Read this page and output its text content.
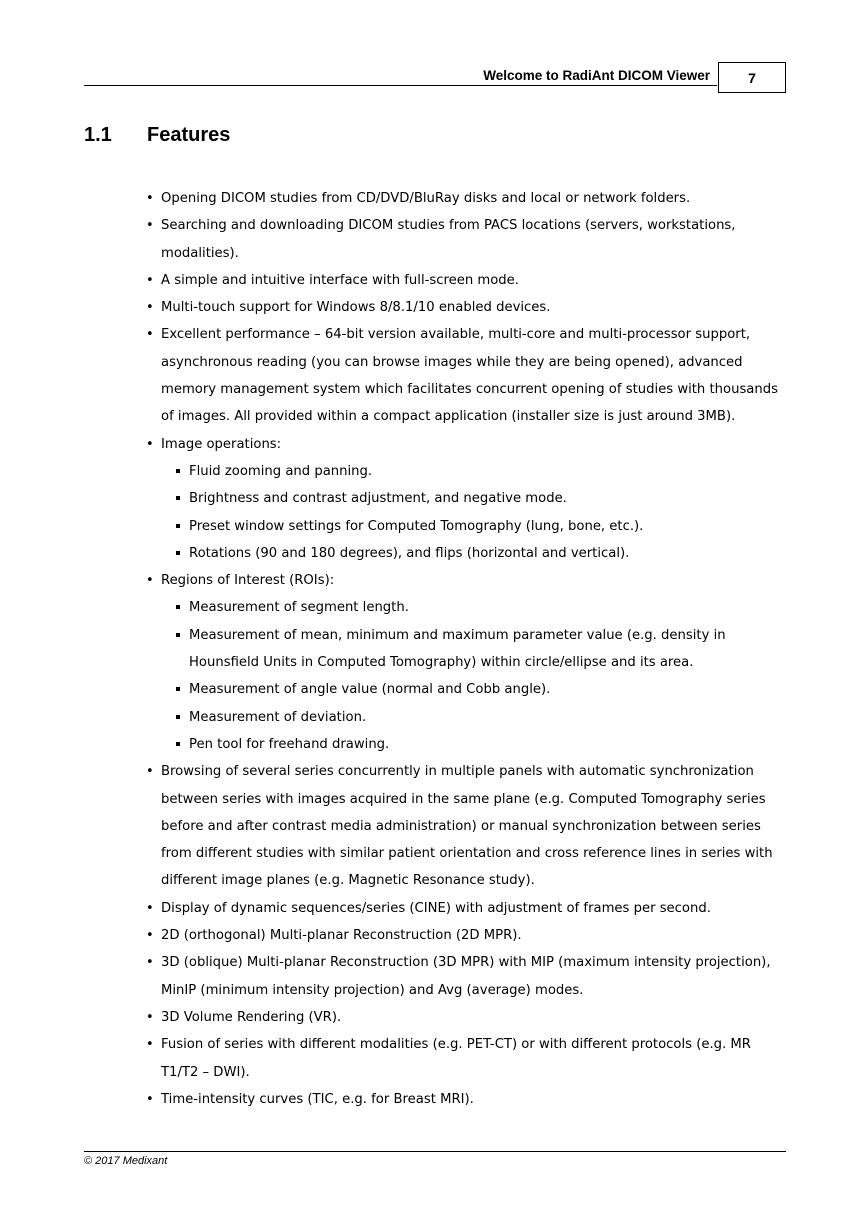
Welcome to RadiAnt DICOM Viewer	7
1.1 Features
• Opening DICOM studies from CD/DVD/BluRay disks and local or network folders.
• Searching and downloading DICOM studies from PACS locations (servers, workstations, modalities).
• A simple and intuitive interface with full-screen mode.
• Multi-touch support for Windows 8/8.1/10 enabled devices.
• Excellent performance – 64-bit version available, multi-core and multi-processor support, asynchronous reading (you can browse images while they are being opened), advanced memory management system which facilitates concurrent opening of studies with thousands of images. All provided within a compact application (installer size is just around 3MB).
• Image operations:
Fluid zooming and panning.
Brightness and contrast adjustment, and negative mode.
Preset window settings for Computed Tomography (lung, bone, etc.).
Rotations (90 and 180 degrees), and flips (horizontal and vertical).
• Regions of Interest (ROIs):
Measurement of segment length.
Measurement of mean, minimum and maximum parameter value (e.g. density in Hounsfield Units in Computed Tomography) within circle/ellipse and its area.
Measurement of angle value (normal and Cobb angle).
Measurement of deviation.
Pen tool for freehand drawing.
• Browsing of several series concurrently in multiple panels with automatic synchronization between series with images acquired in the same plane (e.g. Computed Tomography series before and after contrast media administration) or manual synchronization between series from different studies with similar patient orientation and cross reference lines in series with different image planes (e.g. Magnetic Resonance study).
• Display of dynamic sequences/series (CINE) with adjustment of frames per second.
• 2D (orthogonal) Multi-planar Reconstruction (2D MPR).
• 3D (oblique) Multi-planar Reconstruction (3D MPR) with MIP (maximum intensity projection), MinIP (minimum intensity projection) and Avg (average) modes.
• 3D Volume Rendering (VR).
• Fusion of series with different modalities (e.g. PET-CT) or with different protocols (e.g. MR T1/T2 – DWI).
• Time-intensity curves (TIC, e.g. for Breast MRI).
© 2017 Medixant
